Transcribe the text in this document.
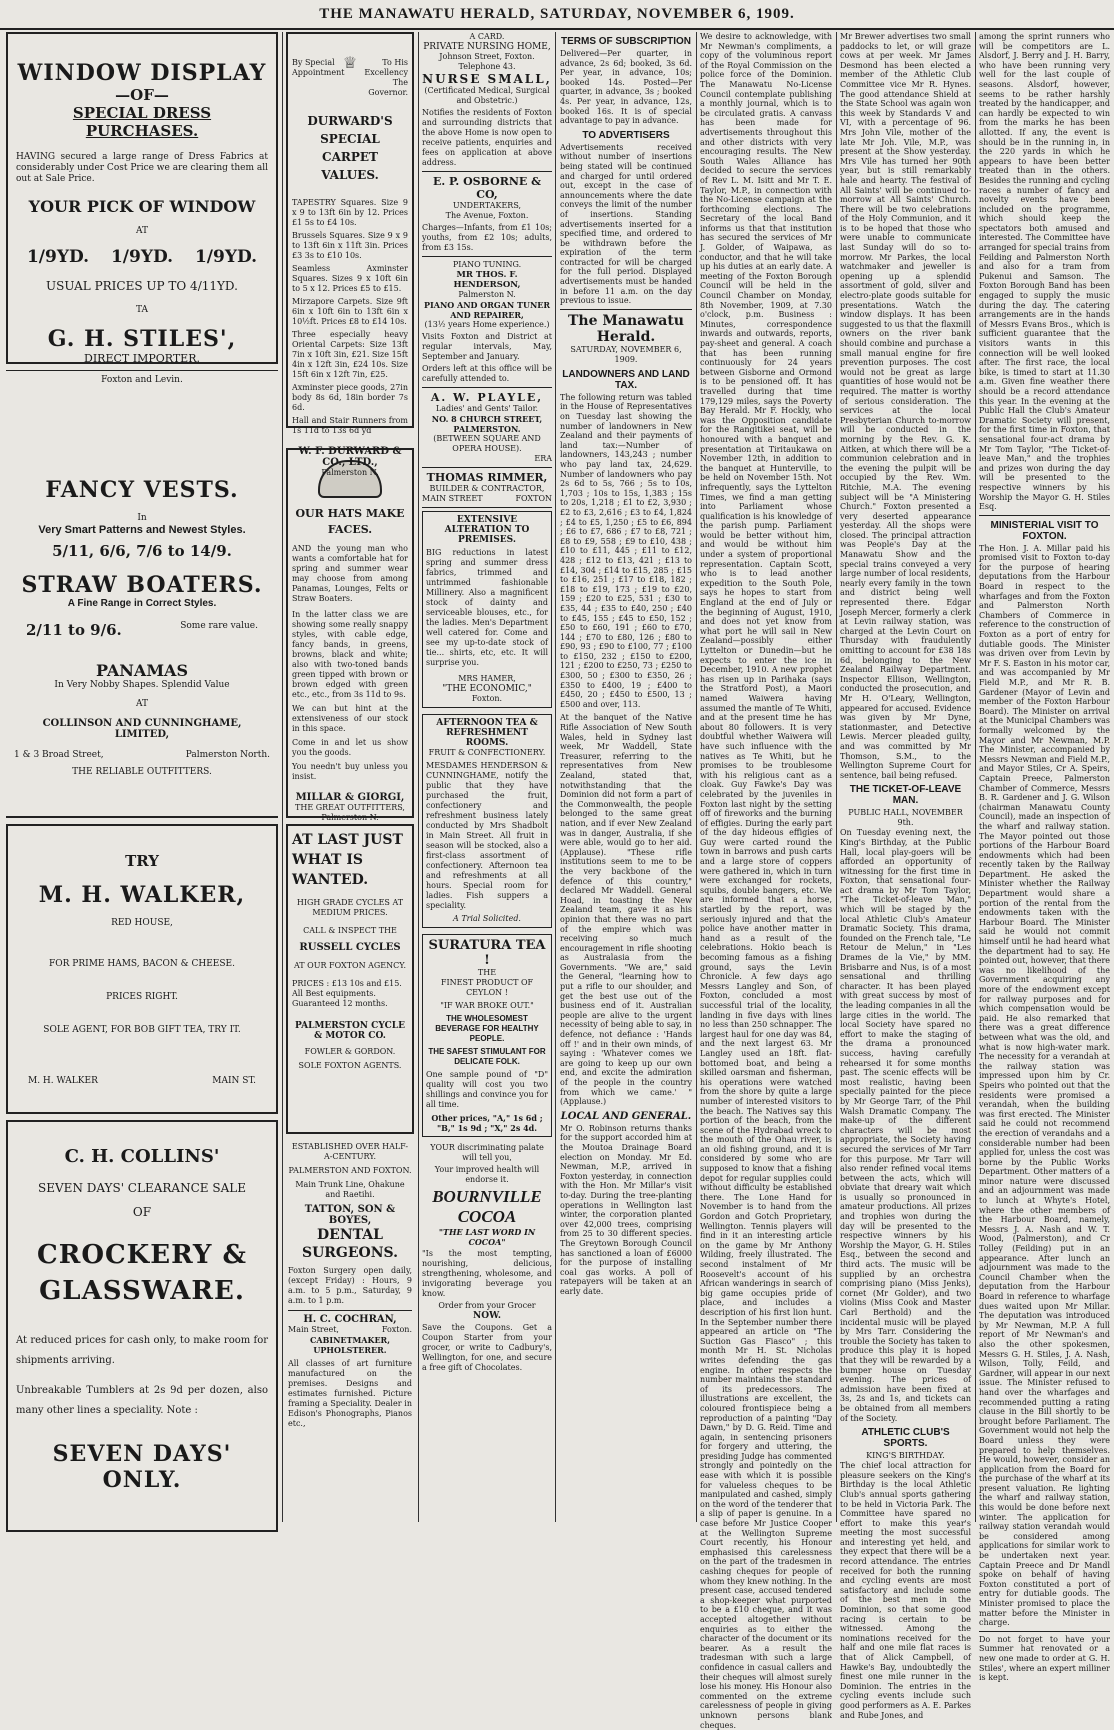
THE MANAWATU HERALD, SATURDAY, NOVEMBER 6, 1909.
WINDOW DISPLAY
—OF—
SPECIAL DRESS PURCHASES.

HAVING secured a large range of Dress Fabrics at considerably under Cost Price we are clearing them all out at Sale Price.

YOUR PICK OF WINDOW
AT
1/9YD. 1/9YD. 1/9YD.
USUAL PRICES UP TO 4/11YD.
TA
G. H. STILES',
DIRECT IMPORTER.
Foxton and Levin.
FANCY VESTS.
In
Very Smart Patterns and Newest Styles.
5/11, 6/6, 7/6 to 14/9.
STRAW BOATERS.
A Fine Range in Correct Styles.
2/11 to 9/6.	Some rare value.
PANAMAS
In Very Nobby Shapes. Splendid Value
AT
COLLINSON AND CUNNINGHAME, LIMITED,
1 & 3 Broad Street,	Palmerston North.
THE RELIABLE OUTFITTERS.
TRY
M. H. WALKER,
RED HOUSE,
FOR PRIME HAMS, BACON & CHEESE.
PRICES RIGHT.
SOLE AGENT, FOR BOB GIFT TEA, TRY IT.
M. H. WALKER	MAIN ST.
C. H. COLLINS'
SEVEN DAYS' CLEARANCE SALE
OF
CROCKERY & GLASSWARE.

At reduced prices for cash only, to make room for shipments arriving.

Unbreakable Tumblers at 2s 9d per dozen, also many other lines a speciality. Note :

SEVEN DAYS' ONLY.
By Special Appointment
♕	To His Excellency The Governor.
DURWARD'S SPECIAL CARPET VALUES.

TAPESTRY Squares. Size 9 x 9 to 13ft 6in by 12. Prices £1 5s to £4 10s.

Brussels Squares. Size 9 x 9 to 13ft 6in x 11ft 3in. Prices £3 3s to £10 10s.

Seamless Axminster Squares. Sizes 9 x 10ft 6in to 5 x 12. Prices £5 to £15.

Mirzapore Carpets. Size 9ft 6in x 10ft 6in to 13ft 6in x 10½ft. Prices £8 to £14 10s.

Three especially heavy Oriental Carpets: Size 13ft 7in x 10ft 3in, £21. Size 15ft 4in x 12ft 3in, £24 10s. Size 15ft 6in x 12ft 7in, £25.

Axminster piece goods, 27in body 8s 6d, 18in border 7s 6d.

Hall and Stair Runners from 1s 11d to 13s 6d yd

W. F. DURWARD & CO., LTD.,
Palmerston N.
OUR HATS MAKE FACES.

AND the young man who wants a comfortable hat for spring and summer wear may choose from among Panamas, Lounges, Felts or Straw Boaters.

In the latter class we are showing some really snappy styles, with cable edge, fancy bands, in greens, browns, black and white; also with two-toned bands green tipped with brown or brown edged with green etc., etc., from 3s 11d to 9s.

We can but hint at the extensiveness of our stock in this space.

Come in and let us show you the goods.

You needn't buy unless you insist.

MILLAR & GIORGI,
THE GREAT OUTFITTERS,
Palmerston N.
AT LAST JUST WHAT IS WANTED.
HIGH GRADE CYCLES AT MEDIUM PRICES.
CALL & INSPECT THE
RUSSELL CYCLES
AT OUR FOXTON AGENCY.

PRICES : £13 10s and £15. All Best equipments. Guaranteed 12 months.

PALMERSTON CYCLE & MOTOR CO.
FOWLER & GORDON.
SOLE FOXTON AGENTS.
ESTABLISHED OVER HALF-A-CENTURY.
PALMERSTON AND FOXTON.
Main Trunk Line, Ohakune and Raetihi.
TATTON, SON & BOYES,
DENTAL SURGEONS.

Foxton Surgery open daily, (except Friday) : Hours, 9 a.m. to 5 p.m., Saturday, 9 a.m. to 1 p.m.

H. C. COCHRAN,
Main Street,	Foxton.
CABINETMAKER, UPHOLSTERER.

All classes of art furniture manufactured on the premises. Designs and estimates furnished. Picture framing a Speciality. Dealer in Edison's Phonographs, Pianos etc.,

A CARD.
PRIVATE NURSING HOME,
Johnson Street, Foxton. Telephone 43.
NURSE SMALL,
(Certificated Medical, Surgical and Obstetric.)

Notifies the residents of Foxton and surrounding districts that the above Home is now open to receive patients, enquiries and fees on application at above address.

E. P. OSBORNE & CO,
UNDERTAKERS,
The Avenue, Foxton.

Charges—Infants, from £1 10s; youths, from £2 10s; adults, from £3 15s.

PIANO TUNING.
MR THOS. F. HENDERSON,
Palmerston N.
PIANO AND ORGAN TUNER AND REPAIRER,
(13½ years Home experience.)

Visits Foxton and District at regular intervals, May, September and January.

Orders left at this office will be carefully attended to.

A. W. PLAYLE,
Ladies' and Gents' Tailor.
NO. 8 CHURCH STREET, PALMERSTON.
(BETWEEN SQUARE AND OPERA HOUSE).
ERA
THOMAS RIMMER,
BUILDER & CONTRACTOR,
MAIN STREET	FOXTON
EXTENSIVE ALTERATION TO PREMISES.

BIG reductions in latest spring and summer dress fabrics, trimmed and untrimmed fashionable Millinery. Also a magnificent stock of dainty and serviceable blouses, etc., for the ladies. Men's Department well catered for. Come and see my up-to-date stock of tie... shirts, etc, etc. It will surprise you.

MRS HAMER,
"THE ECONOMIC,"
Foxton.
AFTERNOON TEA & REFRESHMENT ROOMS.
FRUIT & CONFECTIONERY.

MESDAMES HENDERSON & CUNNINGHAME, notify the public that they have purchased the fruit, confectionery and refreshment business lately conducted by Mrs Shadbolt in Main Street. All fruit in season will be stocked, also a first-class assortment of confectionery. Afternoon tea and refreshments at all hours. Special room for ladies. Fish suppers a speciality.

A Trial Solicited.
SURATURA TEA !
THE
FINEST PRODUCT OF CEYLON !
"IF WAR BROKE OUT."
THE WHOLESOMEST BEVERAGE FOR HEALTHY PEOPLE.
THE SAFEST STIMULANT FOR DELICATE FOLK.

One sample pound of "D" quality will cost you two shillings and convince you for all time.

Other prices, "A," 1s 6d ; "B," 1s 9d ; "X," 2s 4d.
YOUR discriminating palate will tell you,
Your improved health will endorse it.
BOURNVILLE COCOA
"THE LAST WORD IN COCOA"

"Is the most tempting, nourishing, delicious, strengthening, wholesome, and invigorating beverage you know.

Order from your Grocer
NOW.

Save the Coupons. Get a Coupon Starter from your grocer, or write to Cadbury's, Wellington, for one, and secure a free gift of Chocolates.

TERMS OF SUBSCRIPTION

Delivered—Per quarter, in advance, 2s 6d; booked, 3s 6d. Per year, in advance, 10s; booked 14s. Posted—Per quarter, in advance, 3s ; booked 4s. Per year, in advance, 12s, booked 16s. It is of special advantage to pay in advance.

TO ADVERTISERS

Advertisements received without number of insertions being stated will be continued and charged for until ordered out, except in the case of announcements where the date conveys the limit of the number of insertions. Standing advertisements inserted for a specified time, and ordered to be withdrawn before the expiration of the term contracted for will be charged for the full period. Displayed advertisements must be handed in before 11 a.m. on the day previous to issue.

The Manawatu Herald.
SATURDAY, NOVEMBER 6, 1909.
LANDOWNERS AND LAND TAX.

The following return was tabled in the House of Representatives on Tuesday last showing the number of landowners in New Zealand and their payments of land tax:—Number of landowners, 143,243 ; number who pay land tax, 24,629. Number of landowners who pay 2s 6d to 5s, 766 ; 5s to 10s, 1,703 ; 10s to 15s, 1,383 ; 15s to 20s, 1,218 ; £1 to £2, 3,930 ; £2 to £3, 2,616 ; £3 to £4, 1,824 ; £4 to £5, 1,250 ; £5 to £6, 894 ; £6 to £7, 686 ; £7 to £8, 721 ; £8 to £9, 558 ; £9 to £10, 438 ; £10 to £11, 445 ; £11 to £12, 428 ; £12 to £13, 421 ; £13 to £14, 304 ; £14 to £15, 285 ; £15 to £16, 251 ; £17 to £18, 182 ; £18 to £19, 173 ; £19 to £20, 159 ; £20 to £25, 531 ; £30 to £35, 44 ; £35 to £40, 250 ; £40 to £45, 155 ; £45 to £50, 152 ; £50 to £60, 191 ; £60 to £70, 144 ; £70 to £80, 126 ; £80 to £90, 93 ; £90 to £100, 77 ; £100 to £150, 232 ; £150 to £200, 121 ; £200 to £250, 73 ; £250 to £300, 50 ; £300 to £350, 26 ; £350 to £400, 19 ; £400 to £450, 20 ; £450 to £500, 13 ; £500 and over, 113.

At the banquet of the Native Rifle Association of New South Wales, held in Sydney last week, Mr Waddell, State Treasurer, referring to the representatives from New Zealand, stated that, notwithstanding that the Dominion did not form a part of the Commonwealth, the people belonged to the same great nation, and if ever New Zealand was in danger, Australia, if she were able, would go to her aid. (Applause). "These rifle institutions seem to me to be the very backbone of the defence of this country," declared Mr Waddell. General Hoad, in toasting the New Zealand team, gave it as his opinion that there was no part of the empire which was receiving so much encouragement in rifle shooting as Australasia from the Governments. "We are," said the General, "learning how to put a rifle to our shoulder, and get the best use out of the business end of it. Australian people are alive to the urgent necessity of being able to say, in defence, not defiance : 'Hands off !' and in their own minds, of saying : 'Whatever comes we are going to keep up our own end, and excite the admiration of the people in the country from which we came.' " (Applause.)

LOCAL AND GENERAL.

Mr O. Robinson returns thanks for the support accorded him at the Moutoa Drainage Board election on Monday. Mr Ed. Newman, M.P., arrived in Foxton yesterday, in connection with the Hon. Mr Millar's visit to-day. During the tree-planting operations in Wellington last winter, the corporation planted over 42,000 trees, comprising from 25 to 30 different species. The Greytown Borough Council has sanctioned a loan of £6000 for the purpose of installing coal gas works. A poll of ratepayers will be taken at an early date.

We desire to acknowledge, with Mr Newman's compliments, a copy of the voluminous report of the Royal Commission on the police force of the Dominion. The Manawatu No-License Council contemplate publishing a monthly journal, which is to be circulated gratis. A canvass has been made for advertisements throughout this and other districts with very encouraging results. The New South Wales Alliance has decided to secure the services of Rev L. M. Isitt and Mr T. E. Taylor, M.P., in connection with the No-License campaign at the forthcoming elections. The Secretary of the local Band informs us that that institution has secured the services of Mr J. Golder, of Waipawa, as conductor, and that he will take up his duties at an early date. A meeting of the Foxton Borough Council will be held in the Council Chamber on Monday, 8th November, 1909, at 7.30 o'clock, p.m. Business : Minutes, correspondence inwards and outwards, reports, pay-sheet and general. A coach that has been running continuously for 24 years between Gisborne and Ormond is to be pensioned off. It has travelled during that time 179,129 miles, says the Poverty Bay Herald. Mr F. Hockly, who was the Opposition candidate for the Rangitikei seat, will be honoured with a banquet and presentation at Tiritaukawa on November 12th, in addition to the banquet at Hunterville, to be held on November 15th. Not infrequently, says the Lyttelton Times, we find a man getting into Parliament whose qualification is his knowledge of the parish pump. Parliament would be better without him, and would be without him under a system of proportional representation. Captain Scott, who is to lead another expedition to the South Pole, says he hopes to start from England at the end of July or the beginning of August, 1910, and does not yet know from what port he will sail in New Zealand—possibly either Lyttelton or Dunedin—but he expects to enter the ice in December, 1910. A new prophet has risen up in Parihaka (says the Stratford Post), a Maori named Waiwera having assumed the mantle of Te Whiti, and at the present time he has about 80 followers. It is very doubtful whether Waiwera will have such influence with the natives as Te Whiti, but he promises to be troublesome with his religious cant as a cloak. Guy Fawke's Day was celebrated by the juveniles in Foxton last night by the setting off of fireworks and the burning of effigies. During the early part of the day hideous effigies of Guy were carted round the town in barrows and push carts and a large store of coppers were gathered in, which in turn were exchanged for rockets, squibs, double bangers, etc. We are informed that a horse, startled by the report, was seriously injured and that the police have another matter in hand as a result of the celebrations. Hokio beach is becoming famous as a fishing ground, says the Levin Chronicle. A few days ago Messrs Langley and Son, of Foxton, concluded a most successful trial of the locality, landing in five days with lines no less than 250 schnapper. The largest haul for one day was 84, and the next largest 63. Mr Langley used an 18ft. flat-bottomed boat, and being a skilled oarsman and fisherman, his operations were watched from the shore by quite a large number of interested visitors to the beach. The Natives say this portion of the beach, from the scene of the Hydrabad wreck to the mouth of the Ohau river, is an old fishing ground, and it is considered by some who are supposed to know that a fishing depot for regular supplies could without difficulty be established there. The Lone Hand for November is to hand from the Gordon and Gotch Proprietary, Wellington. Tennis players will find in it an interesting article on the game by Mr Anthony Wilding, freely illustrated. The second instalment of Mr Roosevelt's account of his African wanderings in search of big game occupies pride of place, and includes a description of his first lion hunt. In the September number there appeared an article on "The Suction Gas Fiasco" ; this month Mr H. St. Nicholas writes defending the gas engine. In other respects the number maintains the standard of its predecessors. The illustrations are excellent, the coloured frontispiece being a reproduction of a painting "Day Dawn," by D. G. Reid. Time and again, in sentencing prisoners for forgery and uttering, the presiding Judge has commented strongly and pointedly on the ease with which it is possible for valueless cheques to be manipulated and cashed, simply on the word of the tenderer that a slip of paper is genuine. In a case before Mr Justice Cooper at the Wellington Supreme Court recently, his Honour emphasised this carelessness on the part of the tradesmen in cashing cheques for people of whom they knew nothing. In the present case, accused tendered a shop-keeper what purported to be a £10 cheque, and it was accepted altogether without enquiries as to either the character of the document or its bearer. As a result the tradesman with such a large confidence in casual callers and their cheques will almost surely lose his money. His Honour also commented on the extreme carelessness of people in giving unknown persons blank cheques.

Mr Brewer advertises two small paddocks to let, or will graze cows at per week. Mr James Desmond has been elected a member of the Athletic Club Committee vice Mr R. Hynes. The good attendance Shield at the State School was again won this week by Standards V and VI, with a percentage of 96. Mrs John Vile, mother of the late Mr Joh. Vile, M.P., was present at the Show yesterday. Mrs Vile has turned her 90th year, but is still remarkably hale and hearty. The festival of All Saints' will be continued to-morrow at All Saints' Church. There will be two celebrations of the Holy Communion, and it is to be hoped that those who were unable to communicate last Sunday will do so to-morrow. Mr Parkes, the local watchmaker and jeweller is opening up a splendid assortment of gold, silver and electro-plate goods suitable for presentations. Watch the window displays. It has been suggested to us that the flaxmill owners on the river bank should combine and purchase a small manual engine for fire prevention purposes. The cost would not be great as large quantities of hose would not be required. The matter is worthy of serious consideration. The services at the local Presbyterian Church to-morrow will be conducted in the morning by the Rev. G. K. Aitken, at which there will be a communion celebration and in the evening the pulpit will be occupied by the Rev. Wm. Ritchie, M.A. The evening subject will be "A Ministering Church." Foxton presented a very deserted appearance yesterday. All the shops were closed. The principal attraction was People's Day at the Manawatu Show and the special trains conveyed a very large number of local residents, nearly every family in the town and district being well represented there. Edgar Joseph Mercer, formerly a clerk at Levin railway station, was charged at the Levin Court on Thursday with fraudulently omitting to account for £38 18s 6d, belonging to the New Zealand Railway Department. Inspector Ellison, Wellington, conducted the prosecution, and Mr H. O'Leary, Wellington, appeared for accused. Evidence was given by Mr Dyne, stationmaster, and Detective Lewis. Mercer pleaded guilty, and was committed by Mr Thomson, S.M., to the Wellington Supreme Court for sentence, bail being refused.

THE TICKET-OF-LEAVE MAN.
PUBLIC HALL, NOVEMBER 9th.

On Tuesday evening next, the King's Birthday, at the Public Hall, local play-goers will be afforded an opportunity of witnessing for the first time in Foxton, that sensational four-act drama by Mr Tom Taylor, "The Ticket-of-leave Man," which will be staged by the local Athletic Club's Amateur Dramatic Society. This drama, founded on the French tale, "Le Retour de Melun," in "Les Drames de la Vie," by MM. Brisbarre and Nus, is of a most sensational and thrilling character. It has been played with great success by most of the leading companies in all the large cities in the world. The local Society have spared no effort to make the staging of the drama a pronounced success, having carefully rehearsed it for some months past. The scenic effects will be most realistic, having been specially painted for the piece by Mr George Tarr, of the Phil Walsh Dramatic Company. The make-up of the different characters will be most appropriate, the Society having secured the services of Mr Tarr for this purpose. Mr Tarr will also render refined vocal items between the acts, which will obviate that dreary wait which is usually so pronounced in amateur productions. All prizes and trophies won during the day will be presented to the respective winners by his Worship the Mayor, G. H. Stiles Esq., between the second and third acts. The music will be supplied by an orchestra comprising piano (Miss Jenks), cornet (Mr Golder), and two violins (Miss Cook and Master Carl Berthold) and the incidental music will be played by Mrs Tarr. Considering the trouble the Society has taken to produce this play it is hoped that they will be rewarded by a bumper house on Tuesday evening. The prices of admission have been fixed at 3s, 2s and 1s, and tickets can be obtained from all members of the Society.

ATHLETIC CLUB'S SPORTS.
KING'S BIRTHDAY.

The chief local attraction for pleasure seekers on the King's Birthday is the local Athletic Club's annual sports gathering to be held in Victoria Park. The Committee have spared no effort to make this year's meeting the most successful and interesting yet held, and they expect that there will be a record attendance. The entries received for both the running and cycling events are most satisfactory and include some of the best men in the Dominion, so that some good racing is certain to be witnessed. Among the nominations received for the half and one mile flat races is that of Alick Campbell, of Hawke's Bay, undoubtedly the finest one mile runner in the Dominion. The entries in the cycling events include such good performers as A. E. Parkes and Rube Jones, and

among the sprint runners who will be competitors are L. Alsdorf, J. Berry and J. H. Barry, who have been running very well for the last couple of seasons. Alsdorf, however, seems to be rather harshly treated by the handicapper, and can hardly be expected to win from the marks he has been allotted. If any, the event is should be in the running in, in the 220 yards in which he appears to have been better treated than in the others. Besides the running and cycling races a number of fancy and novelty events have been included on the programme, which should keep the spectators both amused and interested. The Committee have arranged for special trains from Feilding and Palmerston North and also for a tram from Pukenui and Samson. The Foxton Borough Band has been engaged to supply the music during the day. The catering arrangements are in the hands of Messrs Evans Bros., which is sufficient guarantee that the visitors wants in this connection will be well looked after. The first race, the local bike, is timed to start at 11.30 a.m. Given fine weather there should be a record attendance this year. In the evening at the Public Hall the Club's Amateur Dramatic Society will present, for the first time in Foxton, that sensational four-act drama by Mr Tom Taylor, "The Ticket-of-leave Man," and the trophies and prizes won during the day will be presented to the respective winners by his Worship the Mayor G. H. Stiles Esq.

MINISTERIAL VISIT TO FOXTON.

The Hon. J. A. Millar paid his promised visit to Foxton to-day for the purpose of hearing deputations from the Harbour Board in respect to the wharfages and from the Foxton and Palmerston North Chambers of Commerce in reference to the construction of Foxton as a port of entry for dutiable goods. The Minister was driven over from Levin by Mr F. S. Easton in his motor car, and was accompanied by Mr Field M.P., and Mr R. B. Gardener (Mayor of Levin and member of the Foxton Harbour Board). The Minister on arrival at the Municipal Chambers was formally welcomed by the Mayor and Mr Newman, M.P. The Minister, accompanied by Messrs Newman and Field M.P., and Mayor Stiles, Cr A. Speirs, Captain Preece, Palmerston Chamber of Commerce, Messrs B. R. Gardener and J. G. Wilson (chairman Manawatu County Council), made an inspection of the wharf and railway station. The Mayor pointed out those portions of the Harbour Board endowments which had been recently taken by the Railway Department. He asked the Minister whether the Railway Department would share a portion of the rental from the endowments taken with the Harbour Board. The Minister said he would not commit himself until he had heard what the department had to say. He pointed out, however, that there was no likelihood of the Government acquiring any more of the endowment except for railway purposes and for which compensation would be paid. He also remarked that there was a great difference between what was the old, and what is now high-water mark. The necessity for a verandah at the railway station was impressed upon him by Cr. Speirs who pointed out that the residents were promised a verandah, when the building was first erected. The Minister said he could not recommend the erection of verandahs and a considerable number had been applied for, unless the cost was borne by the Public Works Department. Other matters of a minor nature were discussed and an adjournment was made to lunch at Whyte's Hotel, where the other members of the Harbour Board, namely, Messrs J. A. Nash and W. T. Wood, (Palmerston), and Cr Tolley (Feilding) put in an appearance. After lunch an adjournment was made to the Council Chamber when the deputation from the Harbour Board in reference to wharfage dues waited upon Mr Millar. The deputation was introduced by Mr Newman, M.P. A full report of Mr Newman's and also the other spokesmen, Messrs G. H. Stiles, J. A. Nash, Wilson, Tolly, Feild, and Gardner, will appear in our next issue. The Minister refused to hand over the wharfages and recommended putting a rating clause in the Bill shortly to be brought before Parliament. The Government would not help the Board unless they were prepared to help themselves. He would, however, consider an application from the Board for the purchase of the wharf at its present valuation. Re lighting the wharf and railway station, this would be done before next winter. The application for railway station verandah would be considered among applications for similar work to be undertaken next year. Captain Preece and Dr Mandl spoke on behalf of having Foxton constituted a port of entry for dutiable goods. The Minister promised to place the matter before the Minister in charge.

Do not forget to have your Summer hat renovated or a new one made to order at G. H. Stiles', where an expert milliner is kept.
